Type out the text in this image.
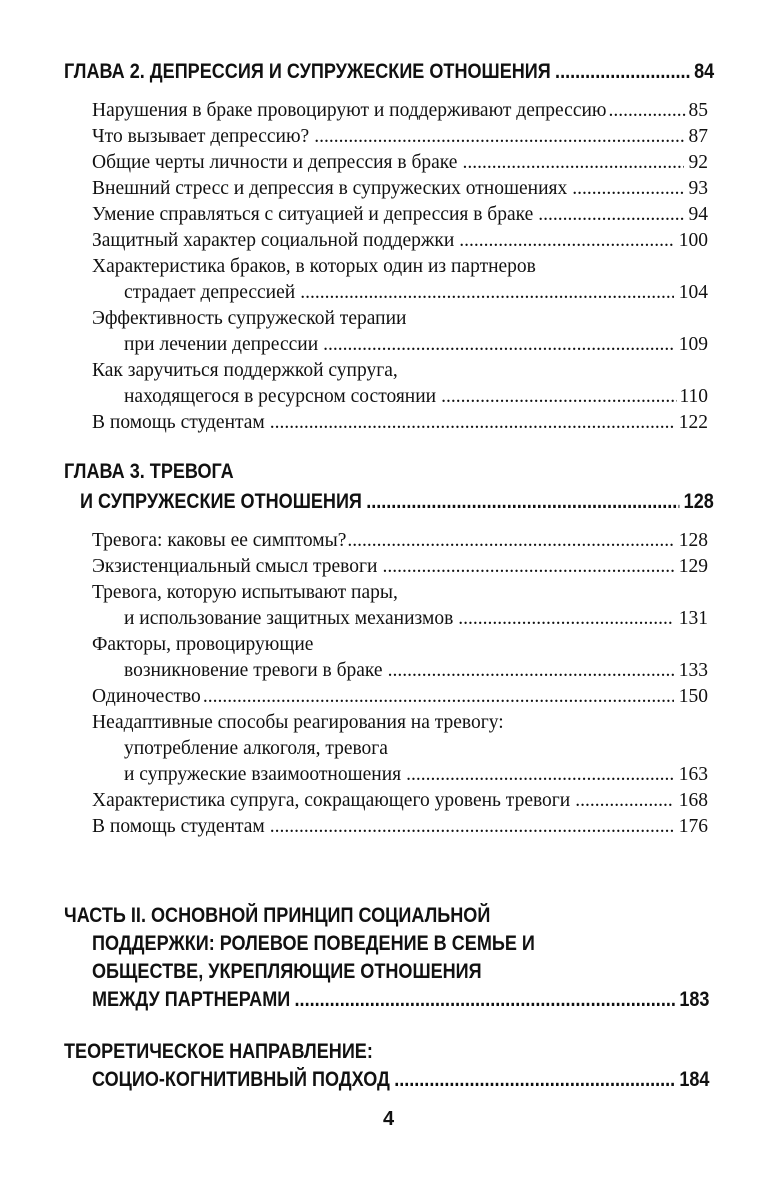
ГЛАВА 2. ДЕПРЕССИЯ И СУПРУЖЕСКИЕ ОТНОШЕНИЯ .....	84
Нарушения в браке провоцируют и поддерживают депрессию .....	85
Что вызывает депрессию? .....	87
Общие черты личности и депрессия в браке .....	92
Внешний стресс и депрессия в супружеских отношениях .....	93
Умение справляться с ситуацией и депрессия в браке .....	94
Защитный характер социальной поддержки .....	100
Характеристика браков, в которых один из партнеров
страдает депрессией .....	104
Эффективность супружеской терапии
при лечении депрессии .....	109
Как заручиться поддержкой супруга,
находящегося в ресурсном состоянии .....	110
В помощь студентам .....	122
ГЛАВА 3. ТРЕВОГА
И СУПРУЖЕСКИЕ ОТНОШЕНИЯ .....	128
Тревога: каковы ее симптомы? .....	128
Экзистенциальный смысл тревоги .....	129
Тревога, которую испытывают пары,
и использование защитных механизмов .....	131
Факторы, провоцирующие
возникновение тревоги в браке .....	133
Одиночество .....	150
Неадаптивные способы реагирования на тревогу:
употребление алкоголя, тревога
и супружеские взаимоотношения .....	163
Характеристика супруга, сокращающего уровень тревоги .....	168
В помощь студентам .....	176
ЧАСТЬ II. ОСНОВНОЙ ПРИНЦИП СОЦИАЛЬНОЙ
ПОДДЕРЖКИ: РОЛЕВОЕ ПОВЕДЕНИЕ В СЕМЬЕ И
ОБЩЕСТВЕ, УКРЕПЛЯЮЩИЕ ОТНОШЕНИЯ
МЕЖДУ ПАРТНЕРАМИ .....	183
ТЕОРЕТИЧЕСКОЕ НАПРАВЛЕНИЕ:
СОЦИО-КОГНИТИВНЫЙ ПОДХОД .....	184
4
